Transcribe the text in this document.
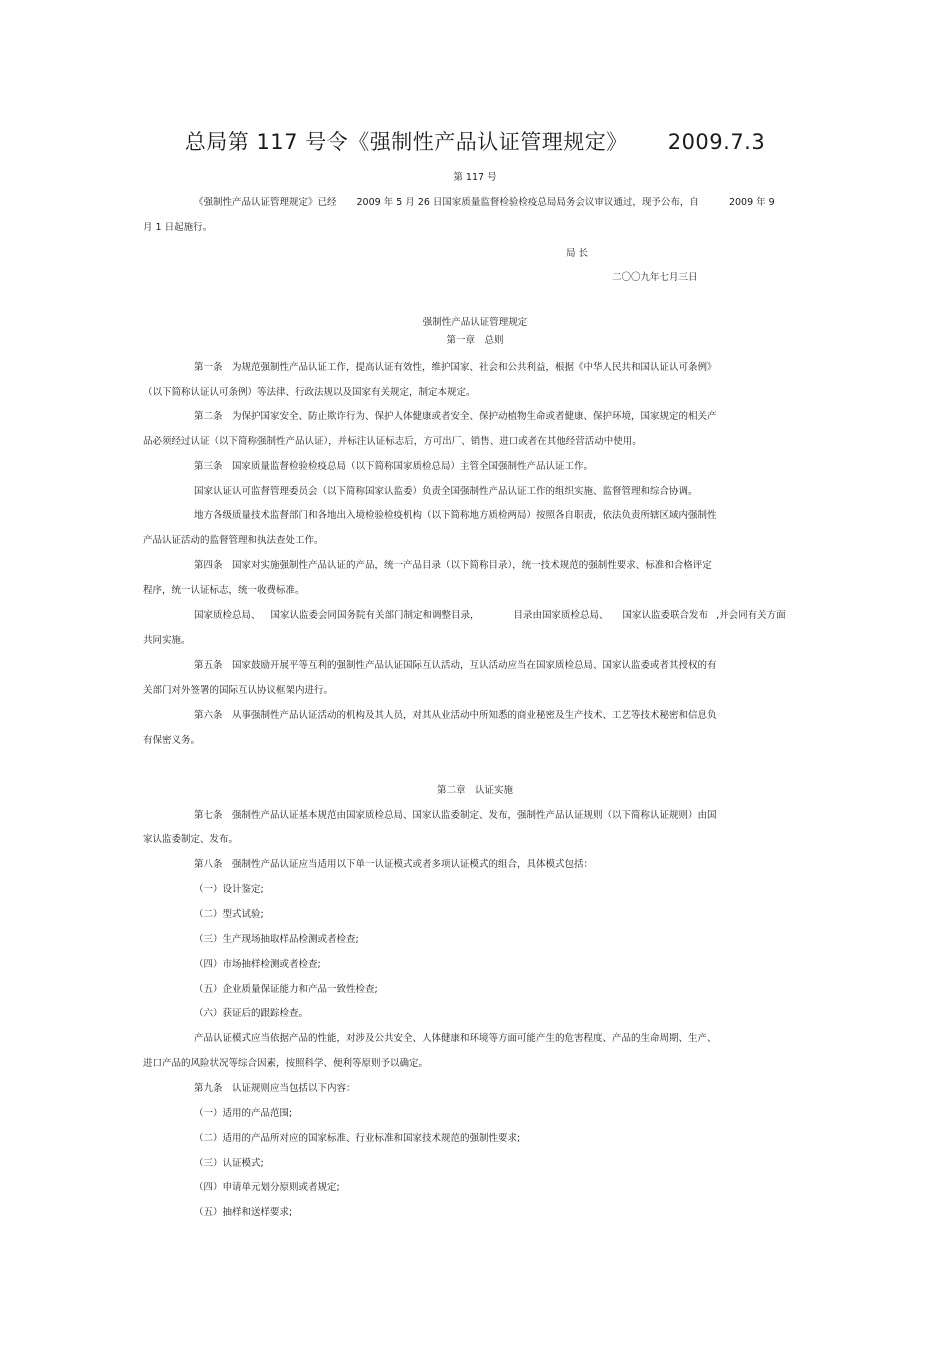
总局第 117 号令《强制性产品认证管理规定》 2009.7.3

第 117 号

《强制性产品认证管理规定》已经 2009 年 5 月 26 日国家质量监督检验检疫总局局务会议审议通过，现予公布，自	2009 年 9

月 1 日起施行。

局 长

二〇〇九年七月三日

强制性产品认证管理规定

第一章　总则

第一条　为规范强制性产品认证工作，提高认证有效性，维护国家、社会和公共利益，根据《中华人民共和国认证认可条例》

（以下简称认证认可条例）等法律、行政法规以及国家有关规定，制定本规定。

第二条　为保护国家安全、防止欺诈行为、保护人体健康或者安全、保护动植物生命或者健康、保护环境，国家规定的相关产

品必须经过认证（以下简称强制性产品认证），并标注认证标志后，方可出厂、销售、进口或者在其他经营活动中使用。

第三条　国家质量监督检验检疫总局（以下简称国家质检总局）主管全国强制性产品认证工作。

国家认证认可监督管理委员会（以下简称国家认监委）负责全国强制性产品认证工作的组织实施、监督管理和综合协调。

地方各级质量技术监督部门和各地出入境检验检疫机构（以下简称地方质检两局）按照各自职责，依法负责所辖区域内强制性

产品认证活动的监督管理和执法查处工作。

第四条　国家对实施强制性产品认证的产品，统一产品目录（以下简称目录），统一技术规范的强制性要求、标准和合格评定

程序，统一认证标志，统一收费标准。

国家质检总局、 国家认监委会同国务院有关部门制定和调整目录，	目录由国家质检总局、 国家认监委联合发布 ,并会同有关方面

共同实施。

第五条　国家鼓励开展平等互利的强制性产品认证国际互认活动，互认活动应当在国家质检总局、国家认监委或者其授权的有

关部门对外签署的国际互认协议框架内进行。

第六条　从事强制性产品认证活动的机构及其人员，对其从业活动中所知悉的商业秘密及生产技术、工艺等技术秘密和信息负

有保密义务。

第二章　认证实施

第七条　强制性产品认证基本规范由国家质检总局、国家认监委制定、发布，强制性产品认证规则（以下简称认证规则）由国

家认监委制定、发布。

第八条　强制性产品认证应当适用以下单一认证模式或者多项认证模式的组合，具体模式包括：

（一）设计鉴定;

（二）型式试验;

（三）生产现场抽取样品检测或者检查;

（四）市场抽样检测或者检查;

（五）企业质量保证能力和产品一致性检查;

（六）获证后的跟踪检查。

产品认证模式应当依据产品的性能，对涉及公共安全、人体健康和环境等方面可能产生的危害程度、产品的生命周期、生产、

进口产品的风险状况等综合因素，按照科学、便利等原则予以确定。

第九条　认证规则应当包括以下内容：

（一）适用的产品范围;

（二）适用的产品所对应的国家标准、行业标准和国家技术规范的强制性要求;

（三）认证模式;

（四）申请单元划分原则或者规定;

（五）抽样和送样要求;
